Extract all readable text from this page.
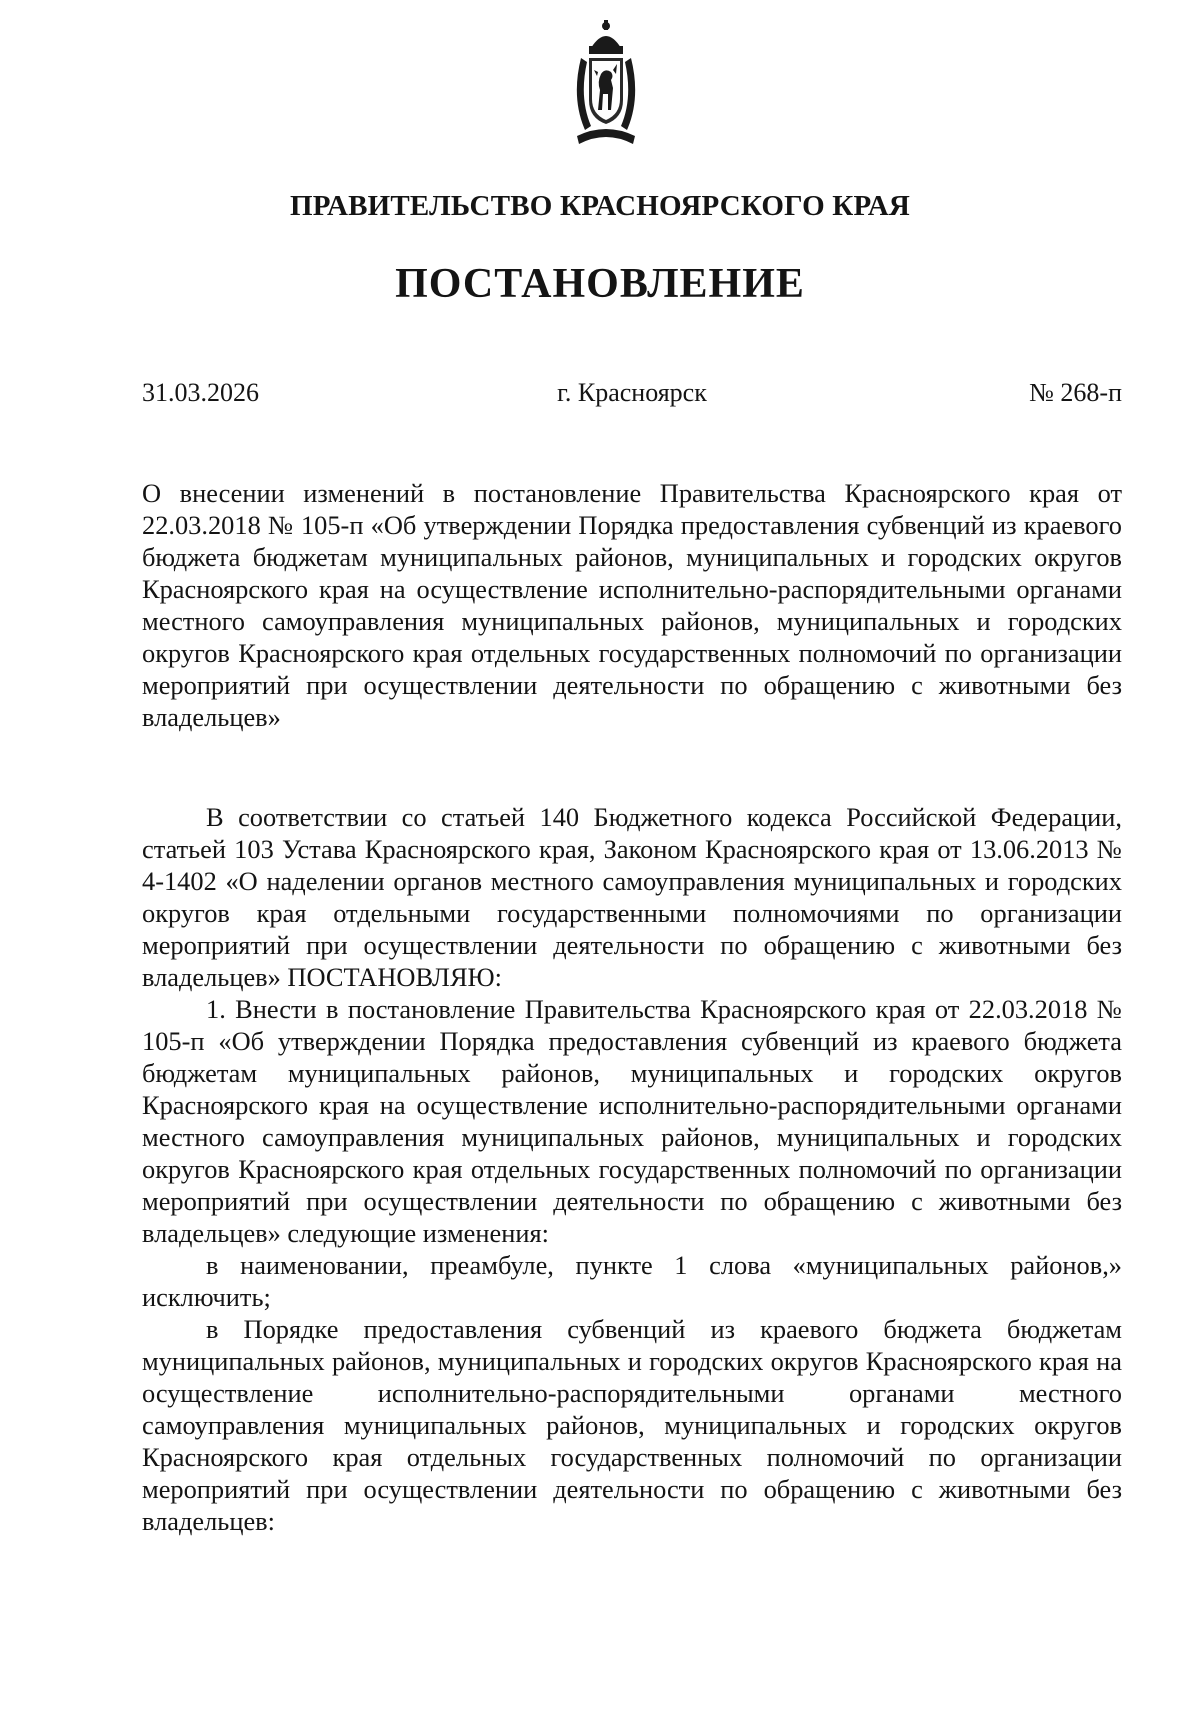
ПРАВИТЕЛЬСТВО КРАСНОЯРСКОГО КРАЯ
ПОСТАНОВЛЕНИЕ
31.03.2026	г. Красноярск	№ 268-п
О внесении изменений в постановление Правительства Красноярского края от 22.03.2018 № 105-п «Об утверждении Порядка предоставления субвенций из краевого бюджета бюджетам муниципальных районов, муниципальных и городских округов Красноярского края на осуществление исполнительно-распорядительными органами местного самоуправления муниципальных районов, муниципальных и городских округов Красноярского края отдельных государственных полномочий по организации мероприятий при осуществлении деятельности по обращению с животными без владельцев»

В соответствии со статьей 140 Бюджетного кодекса Российской Федерации, статьей 103 Устава Красноярского края, Законом Красноярского края от 13.06.2013 № 4-1402 «О наделении органов местного самоуправления муниципальных и городских округов края отдельными государственными полномочиями по организации мероприятий при осуществлении деятельности по обращению с животными без владельцев» ПОСТАНОВЛЯЮ:

1. Внести в постановление Правительства Красноярского края от 22.03.2018 № 105-п «Об утверждении Порядка предоставления субвенций из краевого бюджета бюджетам муниципальных районов, муниципальных и городских округов Красноярского края на осуществление исполнительно-распорядительными органами местного самоуправления муниципальных районов, муниципальных и городских округов Красноярского края отдельных государственных полномочий по организации мероприятий при осуществлении деятельности по обращению с животными без владельцев» следующие изменения:

в наименовании, преамбуле, пункте 1 слова «муниципальных районов,» исключить;

в Порядке предоставления субвенций из краевого бюджета бюджетам муниципальных районов, муниципальных и городских округов Красноярского края на осуществление исполнительно-распорядительными органами местного самоуправления муниципальных районов, муниципальных и городских округов Красноярского края отдельных государственных полномочий по организации мероприятий при осуществлении деятельности по обращению с животными без владельцев:
